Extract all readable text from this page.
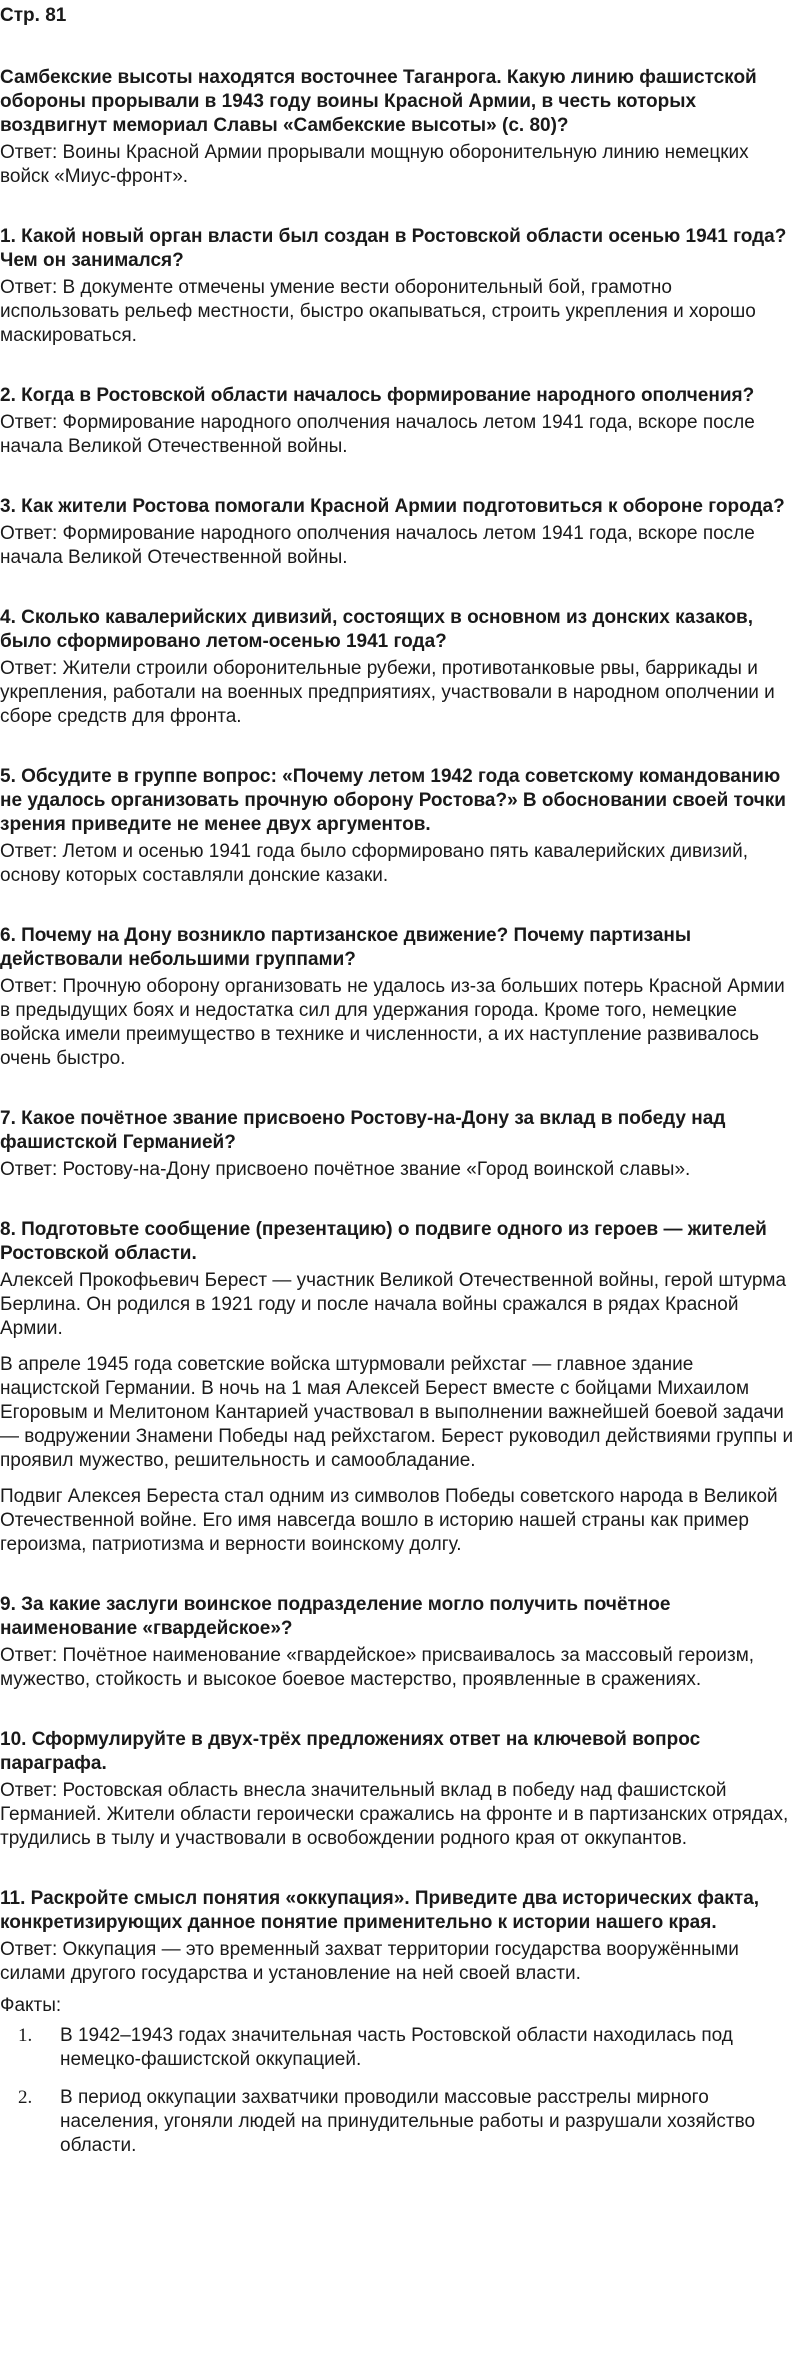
Стр. 81
Самбекские высоты находятся восточнее Таганрога. Какую линию фашистской обороны прорывали в 1943 году воины Красной Армии, в честь которых воздвигнут мемориал Славы «Самбекские высоты» (с. 80)?
Ответ: Воины Красной Армии прорывали мощную оборонительную линию немецких войск «Миус-фронт».
1. Какой новый орган власти был создан в Ростовской области осенью 1941 года? Чем он занимался?
Ответ: В документе отмечены умение вести оборонительный бой, грамотно использовать рельеф местности, быстро окапываться, строить укрепления и хорошо маскироваться.
2. Когда в Ростовской области началось формирование народного ополчения?
Ответ: Формирование народного ополчения началось летом 1941 года, вскоре после начала Великой Отечественной войны.
3. Как жители Ростова помогали Красной Армии подготовиться к обороне города?
Ответ: Формирование народного ополчения началось летом 1941 года, вскоре после начала Великой Отечественной войны.
4. Сколько кавалерийских дивизий, состоящих в основном из донских казаков, было сформировано летом-осенью 1941 года?
Ответ: Жители строили оборонительные рубежи, противотанковые рвы, баррикады и укрепления, работали на военных предприятиях, участвовали в народном ополчении и сборе средств для фронта.
5. Обсудите в группе вопрос: «Почему летом 1942 года советскому командованию не удалось организовать прочную оборону Ростова?» В обосновании своей точки зрения приведите не менее двух аргументов.
Ответ: Летом и осенью 1941 года было сформировано пять кавалерийских дивизий, основу которых составляли донские казаки.
6. Почему на Дону возникло партизанское движение? Почему партизаны действовали небольшими группами?
Ответ: Прочную оборону организовать не удалось из-за больших потерь Красной Армии в предыдущих боях и недостатка сил для удержания города. Кроме того, немецкие войска имели преимущество в технике и численности, а их наступление развивалось очень быстро.
7. Какое почётное звание присвоено Ростову-на-Дону за вклад в победу над фашистской Германией?
Ответ: Ростову-на-Дону присвоено почётное звание «Город воинской славы».
8. Подготовьте сообщение (презентацию) о подвиге одного из героев — жителей Ростовской области.
Алексей Прокофьевич Берест — участник Великой Отечественной войны, герой штурма Берлина. Он родился в 1921 году и после начала войны сражался в рядах Красной Армии.
В апреле 1945 года советские войска штурмовали рейхстаг — главное здание нацистской Германии. В ночь на 1 мая Алексей Берест вместе с бойцами Михаилом Егоровым и Мелитоном Кантарией участвовал в выполнении важнейшей боевой задачи — водружении Знамени Победы над рейхстагом. Берест руководил действиями группы и проявил мужество, решительность и самообладание.
Подвиг Алексея Береста стал одним из символов Победы советского народа в Великой Отечественной войне. Его имя навсегда вошло в историю нашей страны как пример героизма, патриотизма и верности воинскому долгу.
9. За какие заслуги воинское подразделение могло получить почётное наименование «гвардейское»?
Ответ: Почётное наименование «гвардейское» присваивалось за массовый героизм, мужество, стойкость и высокое боевое мастерство, проявленные в сражениях.
10. Сформулируйте в двух-трёх предложениях ответ на ключевой вопрос параграфа.
Ответ: Ростовская область внесла значительный вклад в победу над фашистской Германией. Жители области героически сражались на фронте и в партизанских отрядах, трудились в тылу и участвовали в освобождении родного края от оккупантов.
11. Раскройте смысл понятия «оккупация». Приведите два исторических факта, конкретизирующих данное понятие применительно к истории нашего края.
Ответ: Оккупация — это временный захват территории государства вооружёнными силами другого государства и установление на ней своей власти.
Факты:
1.	В 1942–1943 годах значительная часть Ростовской области находилась под немецко-фашистской оккупацией.
2.	В период оккупации захватчики проводили массовые расстрелы мирного населения, угоняли людей на принудительные работы и разрушали хозяйство области.
